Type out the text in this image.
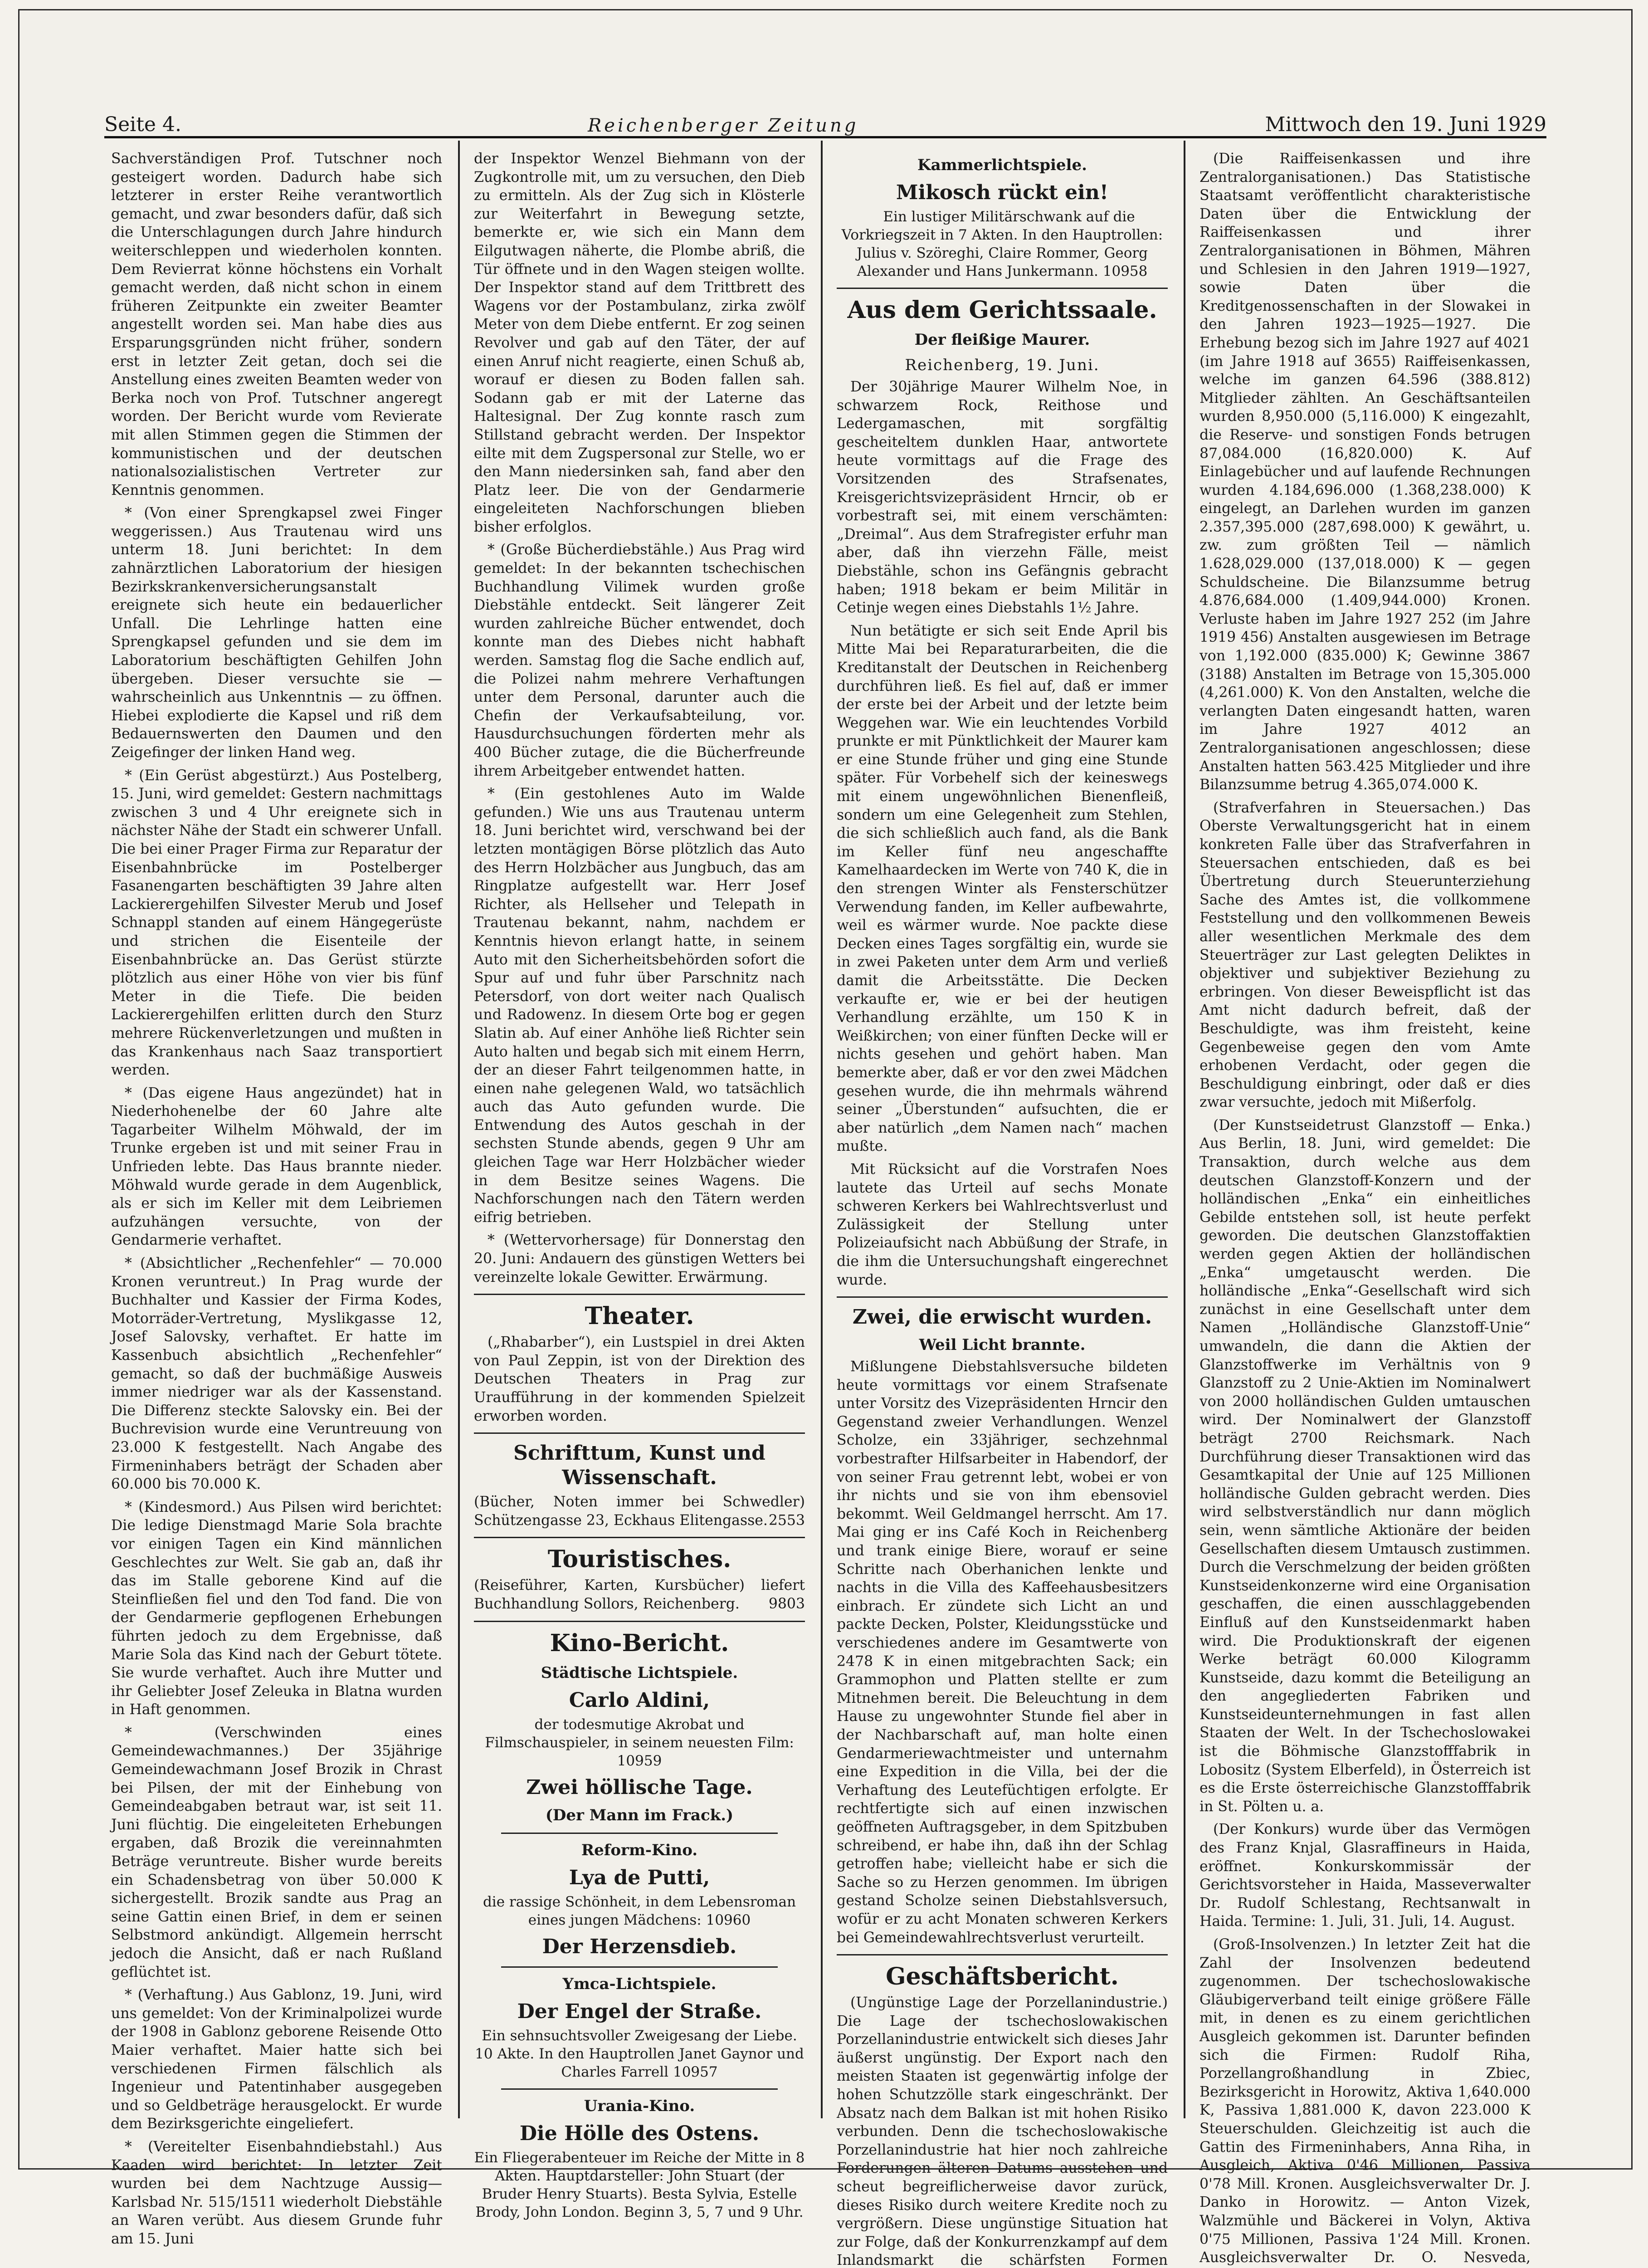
Seite 4.	Reichenberger Zeitung	Mittwoch den 19. Juni 1929

Sachverständigen Prof. Tutschner noch gesteigert worden. Dadurch habe sich letzterer in erster Reihe verantwortlich gemacht, und zwar besonders dafür, daß sich die Unterschlagungen durch Jahre hindurch weiterschleppen und wiederholen konnten. Dem Revierrat könne höchstens ein Vorhalt gemacht werden, daß nicht schon in einem früheren Zeitpunkte ein zweiter Beamter angestellt worden sei. Man habe dies aus Ersparungsgründen nicht früher, sondern erst in letzter Zeit getan, doch sei die Anstellung eines zweiten Beamten weder von Berka noch von Prof. Tutschner angeregt worden. Der Bericht wurde vom Revierate mit allen Stimmen gegen die Stimmen der kommunistischen und der deutschen nationalsozialistischen Vertreter zur Kenntnis genommen.

* (Von einer Sprengkapsel zwei Finger weggerissen.) Aus Trautenau wird uns unterm 18. Juni berichtet: In dem zahnärztlichen Laboratorium der hiesigen Bezirkskrankenversicherungsanstalt ereignete sich heute ein bedauerlicher Unfall. Die Lehrlinge hatten eine Sprengkapsel gefunden und sie dem im Laboratorium beschäftigten Gehilfen John übergeben. Dieser versuchte sie — wahrscheinlich aus Unkenntnis — zu öffnen. Hiebei explodierte die Kapsel und riß dem Bedauernswerten den Daumen und den Zeigefinger der linken Hand weg.

* (Ein Gerüst abgestürzt.) Aus Postelberg, 15. Juni, wird gemeldet: Gestern nachmittags zwischen 3 und 4 Uhr ereignete sich in nächster Nähe der Stadt ein schwerer Unfall. Die bei einer Prager Firma zur Reparatur der Eisenbahnbrücke im Postelberger Fasanengarten beschäftigten 39 Jahre alten Lackierergehilfen Silvester Merub und Josef Schnappl standen auf einem Hängegerüste und strichen die Eisenteile der Eisenbahnbrücke an. Das Gerüst stürzte plötzlich aus einer Höhe von vier bis fünf Meter in die Tiefe. Die beiden Lackierergehilfen erlitten durch den Sturz mehrere Rückenverletzungen und mußten in das Krankenhaus nach Saaz transportiert werden.

* (Das eigene Haus angezündet) hat in Niederhohenelbe der 60 Jahre alte Tagarbeiter Wilhelm Möhwald, der im Trunke ergeben ist und mit seiner Frau in Unfrieden lebte. Das Haus brannte nieder. Möhwald wurde gerade in dem Augenblick, als er sich im Keller mit dem Leibriemen aufzuhängen versuchte, von der Gendarmerie verhaftet.

* (Absichtlicher „Rechenfehler“ — 70.000 Kronen veruntreut.) In Prag wurde der Buchhalter und Kassier der Firma Kodes, Motorräder-Vertretung, Myslikgasse 12, Josef Salovsky, verhaftet. Er hatte im Kassenbuch absichtlich „Rechenfehler“ gemacht, so daß der buchmäßige Ausweis immer niedriger war als der Kassenstand. Die Differenz steckte Salovsky ein. Bei der Buchrevision wurde eine Veruntreuung von 23.000 K festgestellt. Nach Angabe des Firmeninhabers beträgt der Schaden aber 60.000 bis 70.000 K.

* (Kindesmord.) Aus Pilsen wird berichtet: Die ledige Dienstmagd Marie Sola brachte vor einigen Tagen ein Kind männlichen Geschlechtes zur Welt. Sie gab an, daß ihr das im Stalle geborene Kind auf die Steinfließen fiel und den Tod fand. Die von der Gendarmerie gepflogenen Erhebungen führten jedoch zu dem Ergebnisse, daß Marie Sola das Kind nach der Geburt tötete. Sie wurde verhaftet. Auch ihre Mutter und ihr Geliebter Josef Zeleuka in Blatna wurden in Haft genommen.

* (Verschwinden eines Gemeindewachmannes.) Der 35jährige Gemeindewachmann Josef Brozik in Chrast bei Pilsen, der mit der Einhebung von Gemeindeabgaben betraut war, ist seit 11. Juni flüchtig. Die eingeleiteten Erhebungen ergaben, daß Brozik die vereinnahmten Beträge veruntreute. Bisher wurde bereits ein Schadensbetrag von über 50.000 K sichergestellt. Brozik sandte aus Prag an seine Gattin einen Brief, in dem er seinen Selbstmord ankündigt. Allgemein herrscht jedoch die Ansicht, daß er nach Rußland geflüchtet ist.

* (Verhaftung.) Aus Gablonz, 19. Juni, wird uns gemeldet: Von der Kriminalpolizei wurde der 1908 in Gablonz geborene Reisende Otto Maier verhaftet. Maier hatte sich bei verschiedenen Firmen fälschlich als Ingenieur und Patentinhaber ausgegeben und so Geldbeträge herausgelockt. Er wurde dem Bezirksgerichte eingeliefert.

* (Vereitelter Eisenbahndiebstahl.) Aus Kaaden wird berichtet: In letzter Zeit wurden bei dem Nachtzuge Aussig—Karlsbad Nr. 515/1511 wiederholt Diebstähle an Waren verübt. Aus diesem Grunde fuhr am 15. Juni

der Inspektor Wenzel Biehmann von der Zugkontrolle mit, um zu versuchen, den Dieb zu ermitteln. Als der Zug sich in Klösterle zur Weiterfahrt in Bewegung setzte, bemerkte er, wie sich ein Mann dem Eilgutwagen näherte, die Plombe abriß, die Tür öffnete und in den Wagen steigen wollte. Der Inspektor stand auf dem Trittbrett des Wagens vor der Postambulanz, zirka zwölf Meter von dem Diebe entfernt. Er zog seinen Revolver und gab auf den Täter, der auf einen Anruf nicht reagierte, einen Schuß ab, worauf er diesen zu Boden fallen sah. Sodann gab er mit der Laterne das Haltesignal. Der Zug konnte rasch zum Stillstand gebracht werden. Der Inspektor eilte mit dem Zugspersonal zur Stelle, wo er den Mann niedersinken sah, fand aber den Platz leer. Die von der Gendarmerie eingeleiteten Nachforschungen blieben bisher erfolglos.

* (Große Bücherdiebstähle.) Aus Prag wird gemeldet: In der bekannten tschechischen Buchhandlung Vilimek wurden große Diebstähle entdeckt. Seit längerer Zeit wurden zahlreiche Bücher entwendet, doch konnte man des Diebes nicht habhaft werden. Samstag flog die Sache endlich auf, die Polizei nahm mehrere Verhaftungen unter dem Personal, darunter auch die Chefin der Verkaufsabteilung, vor. Hausdurchsuchungen förderten mehr als 400 Bücher zutage, die die Bücherfreunde ihrem Arbeitgeber entwendet hatten.

* (Ein gestohlenes Auto im Walde gefunden.) Wie uns aus Trautenau unterm 18. Juni berichtet wird, verschwand bei der letzten montägigen Börse plötzlich das Auto des Herrn Holzbächer aus Jungbuch, das am Ringplatze aufgestellt war. Herr Josef Richter, als Hellseher und Telepath in Trautenau bekannt, nahm, nachdem er Kenntnis hievon erlangt hatte, in seinem Auto mit den Sicherheitsbehörden sofort die Spur auf und fuhr über Parschnitz nach Petersdorf, von dort weiter nach Qualisch und Radowenz. In diesem Orte bog er gegen Slatin ab. Auf einer Anhöhe ließ Richter sein Auto halten und begab sich mit einem Herrn, der an dieser Fahrt teilgenommen hatte, in einen nahe gelegenen Wald, wo tatsächlich auch das Auto gefunden wurde. Die Entwendung des Autos geschah in der sechsten Stunde abends, gegen 9 Uhr am gleichen Tage war Herr Holzbächer wieder in dem Besitze seines Wagens. Die Nachforschungen nach den Tätern werden eifrig betrieben.

* (Wettervorhersage) für Donnerstag den 20. Juni: Andauern des günstigen Wetters bei vereinzelte lokale Gewitter. Erwärmung.

Theater.

(„Rhabarber“), ein Lustspiel in drei Akten von Paul Zeppin, ist von der Direktion des Deutschen Theaters in Prag zur Uraufführung in der kommenden Spielzeit erworben worden.

Schrifttum, Kunst und Wissenschaft.

(Bücher, Noten immer bei Schwedler) Schützengasse 23, Eckhaus Elitengasse. 2553

Touristisches.

(Reiseführer, Karten, Kursbücher) liefert Buchhandlung Sollors, Reichenberg. 9803

Kino-Bericht.
Städtische Lichtspiele.
Carlo Aldini,

der todesmutige Akrobat und Filmschauspieler, in seinem neuesten Film: 10959

Zwei höllische Tage.
(Der Mann im Frack.)
Reform-Kino.
Lya de Putti,

die rassige Schönheit, in dem Lebensroman eines jungen Mädchens: 10960

Der Herzensdieb.
Ymca-Lichtspiele.
Der Engel der Straße.

Ein sehnsuchtsvoller Zweigesang der Liebe. 10 Akte. In den Hauptrollen Janet Gaynor und Charles Farrell 10957

Urania-Kino.
Die Hölle des Ostens.

Ein Fliegerabenteuer im Reiche der Mitte in 8 Akten. Hauptdarsteller: John Stuart (der Bruder Henry Stuarts). Besta Sylvia, Estelle Brody, John London. Beginn 3, 5, 7 und 9 Uhr.

Kammerlichtspiele.
Mikosch rückt ein!

Ein lustiger Militärschwank auf die Vorkriegszeit in 7 Akten. In den Hauptrollen: Julius v. Szöreghi, Claire Rommer, Georg Alexander und Hans Junkermann. 10958

Aus dem Gerichtssaale.
Der fleißige Maurer.
Reichenberg, 19. Juni.

Der 30jährige Maurer Wilhelm Noe, in schwarzem Rock, Reithose und Ledergamaschen, mit sorgfältig gescheiteltem dunklen Haar, antwortete heute vormittags auf die Frage des Vorsitzenden des Strafsenates, Kreisgerichtsvizepräsident Hrncir, ob er vorbestraft sei, mit einem verschämten: „Dreimal“. Aus dem Strafregister erfuhr man aber, daß ihn vierzehn Fälle, meist Diebstähle, schon ins Gefängnis gebracht haben; 1918 bekam er beim Militär in Cetinje wegen eines Diebstahls 1½ Jahre.

Nun betätigte er sich seit Ende April bis Mitte Mai bei Reparaturarbeiten, die die Kreditanstalt der Deutschen in Reichenberg durchführen ließ. Es fiel auf, daß er immer der erste bei der Arbeit und der letzte beim Weggehen war. Wie ein leuchtendes Vorbild prunkte er mit Pünktlichkeit der Maurer kam er eine Stunde früher und ging eine Stunde später. Für Vorbehelf sich der keineswegs mit einem ungewöhnlichen Bienenfleiß, sondern um eine Gelegenheit zum Stehlen, die sich schließlich auch fand, als die Bank im Keller fünf neu angeschaffte Kamelhaardecken im Werte von 740 K, die in den strengen Winter als Fensterschützer Verwendung fanden, im Keller aufbewahrte, weil es wärmer wurde. Noe packte diese Decken eines Tages sorgfältig ein, wurde sie in zwei Paketen unter dem Arm und verließ damit die Arbeitsstätte. Die Decken verkaufte er, wie er bei der heutigen Verhandlung erzählte, um 150 K in Weißkirchen; von einer fünften Decke will er nichts gesehen und gehört haben. Man bemerkte aber, daß er vor den zwei Mädchen gesehen wurde, die ihn mehrmals während seiner „Überstunden“ aufsuchten, die er aber natürlich „dem Namen nach“ machen mußte.

Mit Rücksicht auf die Vorstrafen Noes lautete das Urteil auf sechs Monate schweren Kerkers bei Wahlrechtsverlust und Zulässigkeit der Stellung unter Polizeiaufsicht nach Abbüßung der Strafe, in die ihm die Untersuchungshaft eingerechnet wurde.

Zwei, die erwischt wurden.
Weil Licht brannte.

Mißlungene Diebstahlsversuche bildeten heute vormittags vor einem Strafsenate unter Vorsitz des Vizepräsidenten Hrncir den Gegenstand zweier Verhandlungen. Wenzel Scholze, ein 33jähriger, sechzehnmal vorbestrafter Hilfsarbeiter in Habendorf, der von seiner Frau getrennt lebt, wobei er von ihr nichts und sie von ihm ebensoviel bekommt. Weil Geldmangel herrscht. Am 17. Mai ging er ins Café Koch in Reichenberg und trank einige Biere, worauf er seine Schritte nach Oberhanichen lenkte und nachts in die Villa des Kaffeehausbesitzers einbrach. Er zündete sich Licht an und packte Decken, Polster, Kleidungsstücke und verschiedenes andere im Gesamtwerte von 2478 K in einen mitgebrachten Sack; ein Grammophon und Platten stellte er zum Mitnehmen bereit. Die Beleuchtung in dem Hause zu ungewohnter Stunde fiel aber in der Nachbarschaft auf, man holte einen Gendarmeriewachtmeister und unternahm eine Expedition in die Villa, bei der die Verhaftung des Leutefüchtigen erfolgte. Er rechtfertigte sich auf einen inzwischen geöffneten Auftragsgeber, in dem Spitzbuben schreibend, er habe ihn, daß ihn der Schlag getroffen habe; vielleicht habe er sich die Sache so zu Herzen genommen. Im übrigen gestand Scholze seinen Diebstahlsversuch, wofür er zu acht Monaten schweren Kerkers bei Gemeindewahlrechtsverlust verurteilt.

Geschäftsbericht.

(Ungünstige Lage der Porzellanindustrie.) Die Lage der tschechoslowakischen Porzellanindustrie entwickelt sich dieses Jahr äußerst ungünstig. Der Export nach den meisten Staaten ist gegenwärtig infolge der hohen Schutzzölle stark eingeschränkt. Der Absatz nach dem Balkan ist mit hohen Risiko verbunden. Denn die tschechoslowakische Porzellanindustrie hat hier noch zahlreiche Forderungen älteren Datums ausstehen und scheut begreiflicherweise davor zurück, dieses Risiko durch weitere Kredite noch zu vergrößern. Diese ungünstige Situation hat zur Folge, daß der Konkurrenzkampf auf dem Inlandsmarkt die schärfsten Formen

(Die Raiffeisenkassen und ihre Zentralorganisationen.) Das Statistische Staatsamt veröffentlicht charakteristische Daten über die Entwicklung der Raiffeisenkassen und ihrer Zentralorganisationen in Böhmen, Mähren und Schlesien in den Jahren 1919—1927, sowie Daten über die Kreditgenossenschaften in der Slowakei in den Jahren 1923—1925—1927. Die Erhebung bezog sich im Jahre 1927 auf 4021 (im Jahre 1918 auf 3655) Raiffeisenkassen, welche im ganzen 64.596 (388.812) Mitglieder zählten. An Geschäftsanteilen wurden 8,950.000 (5,116.000) K eingezahlt, die Reserve- und sonstigen Fonds betrugen 87,084.000 (16,820.000) K. Auf Einlagebücher und auf laufende Rechnungen wurden 4.184,696.000 (1.368,238.000) K eingelegt, an Darlehen wurden im ganzen 2.357,395.000 (287,698.000) K gewährt, u. zw. zum größten Teil — nämlich 1.628,029.000 (137,018.000) K — gegen Schuldscheine. Die Bilanzsumme betrug 4.876,684.000 (1.409,944.000) Kronen. Verluste haben im Jahre 1927 252 (im Jahre 1919 456) Anstalten ausgewiesen im Betrage von 1,192.000 (835.000) K; Gewinne 3867 (3188) Anstalten im Betrage von 15,305.000 (4,261.000) K. Von den Anstalten, welche die verlangten Daten eingesandt hatten, waren im Jahre 1927 4012 an Zentralorganisationen angeschlossen; diese Anstalten hatten 563.425 Mitglieder und ihre Bilanzsumme betrug 4.365,074.000 K.

(Strafverfahren in Steuersachen.) Das Oberste Verwaltungsgericht hat in einem konkreten Falle über das Strafverfahren in Steuersachen entschieden, daß es bei Übertretung durch Steuerunterziehung Sache des Amtes ist, die vollkommene Feststellung und den vollkommenen Beweis aller wesentlichen Merkmale des dem Steuerträger zur Last gelegten Deliktes in objektiver und subjektiver Beziehung zu erbringen. Von dieser Beweispflicht ist das Amt nicht dadurch befreit, daß der Beschuldigte, was ihm freisteht, keine Gegenbeweise gegen den vom Amte erhobenen Verdacht, oder gegen die Beschuldigung einbringt, oder daß er dies zwar versuchte, jedoch mit Mißerfolg.

(Der Kunstseidetrust Glanzstoff — Enka.) Aus Berlin, 18. Juni, wird gemeldet: Die Transaktion, durch welche aus dem deutschen Glanzstoff-Konzern und der holländischen „Enka“ ein einheitliches Gebilde entstehen soll, ist heute perfekt geworden. Die deutschen Glanzstoffaktien werden gegen Aktien der holländischen „Enka“ umgetauscht werden. Die holländische „Enka“-Gesellschaft wird sich zunächst in eine Gesellschaft unter dem Namen „Holländische Glanzstoff-Unie“ umwandeln, die dann die Aktien der Glanzstoffwerke im Verhältnis von 9 Glanzstoff zu 2 Unie-Aktien im Nominalwert von 2000 holländischen Gulden umtauschen wird. Der Nominalwert der Glanzstoff beträgt 2700 Reichsmark. Nach Durchführung dieser Transaktionen wird das Gesamtkapital der Unie auf 125 Millionen holländische Gulden gebracht werden. Dies wird selbstverständlich nur dann möglich sein, wenn sämtliche Aktionäre der beiden Gesellschaften diesem Umtausch zustimmen. Durch die Verschmelzung der beiden größten Kunstseidenkonzerne wird eine Organisation geschaffen, die einen ausschlaggebenden Einfluß auf den Kunstseidenmarkt haben wird. Die Produktionskraft der eigenen Werke beträgt 60.000 Kilogramm Kunstseide, dazu kommt die Beteiligung an den angegliederten Fabriken und Kunstseideunternehmungen in fast allen Staaten der Welt. In der Tschechoslowakei ist die Böhmische Glanzstofffabrik in Lobositz (System Elberfeld), in Österreich ist es die Erste österreichische Glanzstofffabrik in St. Pölten u. a.

(Der Konkurs) wurde über das Vermögen des Franz Knjal, Glasraffineurs in Haida, eröffnet. Konkurskommissär der Gerichtsvorsteher in Haida, Masseverwalter Dr. Rudolf Schlestang, Rechtsanwalt in Haida. Termine: 1. Juli, 31. Juli, 14. August.

(Groß-Insolvenzen.) In letzter Zeit hat die Zahl der Insolvenzen bedeutend zugenommen. Der tschechoslowakische Gläubigerverband teilt einige größere Fälle mit, in denen es zu einem gerichtlichen Ausgleich gekommen ist. Darunter befinden sich die Firmen: Rudolf Riha, Porzellangroßhandlung in Zbiec, Bezirksgericht in Horowitz, Aktiva 1,640.000 K, Passiva 1,881.000 K, davon 223.000 K Steuerschulden. Gleichzeitig ist auch die Gattin des Firmeninhabers, Anna Riha, in Ausgleich, Aktiva 0'46 Millionen, Passiva 0'78 Mill. Kronen. Ausgleichsverwalter Dr. J. Danko in Horowitz. — Anton Vizek, Walzmühle und Bäckerei in Volyn, Aktiva 0'75 Millionen, Passiva 1'24 Mill. Kronen. Ausgleichsverwalter Dr. O. Nesveda,
